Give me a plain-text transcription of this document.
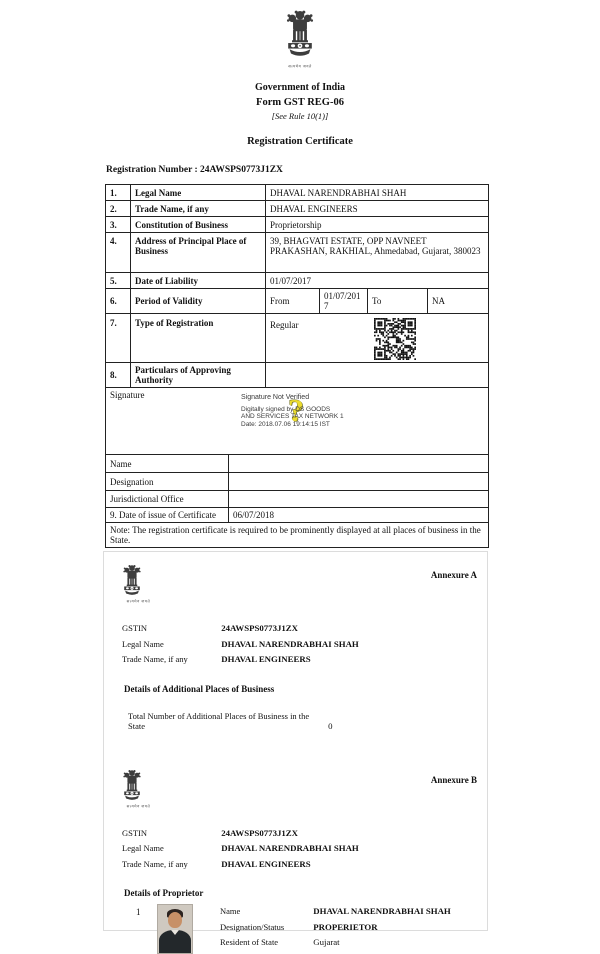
सत्यमेव जयते
Government of India
Form GST REG-06
[See Rule 10(1)]
Registration Certificate
Registration Number : 24AWSPS0773J1ZX
1.	Legal Name	DHAVAL NARENDRABHAI SHAH			
2.	Trade Name, if any	DHAVAL ENGINEERS			
3.	Constitution of Business	Proprietorship			
4.	Address of Principal Place of Business	39, BHAGVATI ESTATE, OPP NAVNEET PRAKASHAN, RAKHIAL, Ahmedabad, Gujarat, 380023			
5.	Date of Liability	01/07/2017			
6.	Period of Validity	From	01/07/2017	To	NA
7.	Type of Registration	Regular			

8.	Particulars of Approving Authority				

Signature	?
Signature Not Verified
Digitally signed by DS GOODS
AND SERVICES TAX NETWORK 1
Date: 2018.07.06 19:14:15 IST
Name	
Designation	
Jurisdictional Office	
9. Date of issue of Certificate	06/07/2018
Note: The registration certificate is required to be prominently displayed at all places of business in the State.	
सत्यमेव जयते
Annexure A
GSTIN	24AWSPS0773J1ZX
Legal Name	DHAVAL NARENDRABHAI SHAH
Trade Name, if any	DHAVAL ENGINEERS
Details of Additional Places of Business
Total Number of Additional Places of Business in the State	0
सत्यमेव जयते
Annexure B
GSTIN	24AWSPS0773J1ZX
Legal Name	DHAVAL NARENDRABHAI SHAH
Trade Name, if any	DHAVAL ENGINEERS
Details of Proprietor
1	Name	DHAVAL NARENDRABHAI SHAH
Designation/Status	PROPERIETOR
Resident of State	Gujarat
